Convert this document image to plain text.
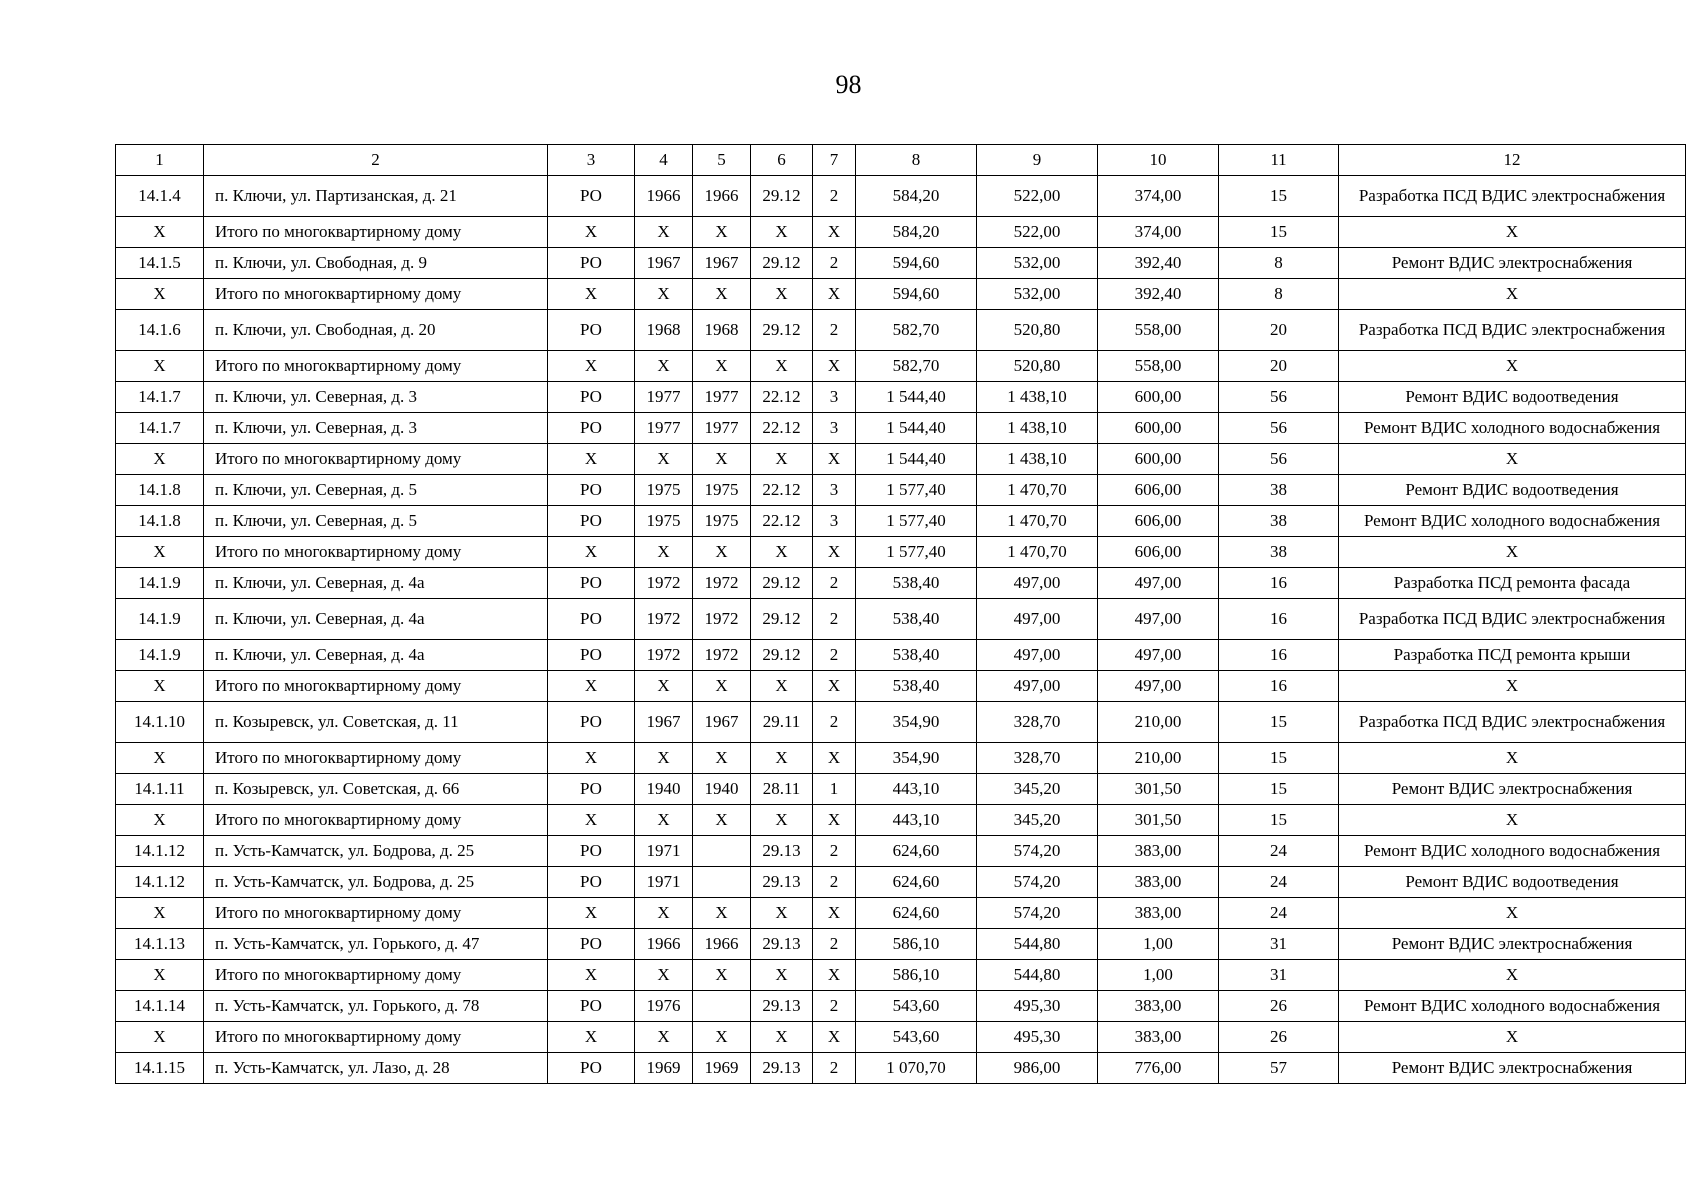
98
1	2	3	4	5	6	7	8	9	10	11	12
14.1.4	п. Ключи, ул. Партизанская, д. 21	РО	1966	1966	29.12	2	584,20	522,00	374,00	15	Разработка ПСД ВДИС электроснабжения
X	Итого по многоквартирному дому	X	X	X	X	X	584,20	522,00	374,00	15	X
14.1.5	п. Ключи, ул. Свободная, д. 9	РО	1967	1967	29.12	2	594,60	532,00	392,40	8	Ремонт ВДИС электроснабжения
X	Итого по многоквартирному дому	X	X	X	X	X	594,60	532,00	392,40	8	X
14.1.6	п. Ключи, ул. Свободная, д. 20	РО	1968	1968	29.12	2	582,70	520,80	558,00	20	Разработка ПСД ВДИС электроснабжения
X	Итого по многоквартирному дому	X	X	X	X	X	582,70	520,80	558,00	20	X
14.1.7	п. Ключи, ул. Северная, д. 3	РО	1977	1977	22.12	3	1 544,40	1 438,10	600,00	56	Ремонт ВДИС водоотведения
14.1.7	п. Ключи, ул. Северная, д. 3	РО	1977	1977	22.12	3	1 544,40	1 438,10	600,00	56	Ремонт ВДИС холодного водоснабжения
X	Итого по многоквартирному дому	X	X	X	X	X	1 544,40	1 438,10	600,00	56	X
14.1.8	п. Ключи, ул. Северная, д. 5	РО	1975	1975	22.12	3	1 577,40	1 470,70	606,00	38	Ремонт ВДИС водоотведения
14.1.8	п. Ключи, ул. Северная, д. 5	РО	1975	1975	22.12	3	1 577,40	1 470,70	606,00	38	Ремонт ВДИС холодного водоснабжения
X	Итого по многоквартирному дому	X	X	X	X	X	1 577,40	1 470,70	606,00	38	X
14.1.9	п. Ключи, ул. Северная, д. 4а	РО	1972	1972	29.12	2	538,40	497,00	497,00	16	Разработка ПСД ремонта фасада
14.1.9	п. Ключи, ул. Северная, д. 4а	РО	1972	1972	29.12	2	538,40	497,00	497,00	16	Разработка ПСД ВДИС электроснабжения
14.1.9	п. Ключи, ул. Северная, д. 4а	РО	1972	1972	29.12	2	538,40	497,00	497,00	16	Разработка ПСД ремонта крыши
X	Итого по многоквартирному дому	X	X	X	X	X	538,40	497,00	497,00	16	X
14.1.10	п. Козыревск, ул. Советская, д. 11	РО	1967	1967	29.11	2	354,90	328,70	210,00	15	Разработка ПСД ВДИС электроснабжения
X	Итого по многоквартирному дому	X	X	X	X	X	354,90	328,70	210,00	15	X
14.1.11	п. Козыревск, ул. Советская, д. 66	РО	1940	1940	28.11	1	443,10	345,20	301,50	15	Ремонт ВДИС электроснабжения
X	Итого по многоквартирному дому	X	X	X	X	X	443,10	345,20	301,50	15	X
14.1.12	п. Усть-Камчатск, ул. Бодрова, д. 25	РО	1971		29.13	2	624,60	574,20	383,00	24	Ремонт ВДИС холодного водоснабжения
14.1.12	п. Усть-Камчатск, ул. Бодрова, д. 25	РО	1971		29.13	2	624,60	574,20	383,00	24	Ремонт ВДИС водоотведения
X	Итого по многоквартирному дому	X	X	X	X	X	624,60	574,20	383,00	24	X
14.1.13	п. Усть-Камчатск, ул. Горького, д. 47	РО	1966	1966	29.13	2	586,10	544,80	1,00	31	Ремонт ВДИС электроснабжения
X	Итого по многоквартирному дому	X	X	X	X	X	586,10	544,80	1,00	31	X
14.1.14	п. Усть-Камчатск, ул. Горького, д. 78	РО	1976		29.13	2	543,60	495,30	383,00	26	Ремонт ВДИС холодного водоснабжения
X	Итого по многоквартирному дому	X	X	X	X	X	543,60	495,30	383,00	26	X
14.1.15	п. Усть-Камчатск, ул. Лазо, д. 28	РО	1969	1969	29.13	2	1 070,70	986,00	776,00	57	Ремонт ВДИС электроснабжения
